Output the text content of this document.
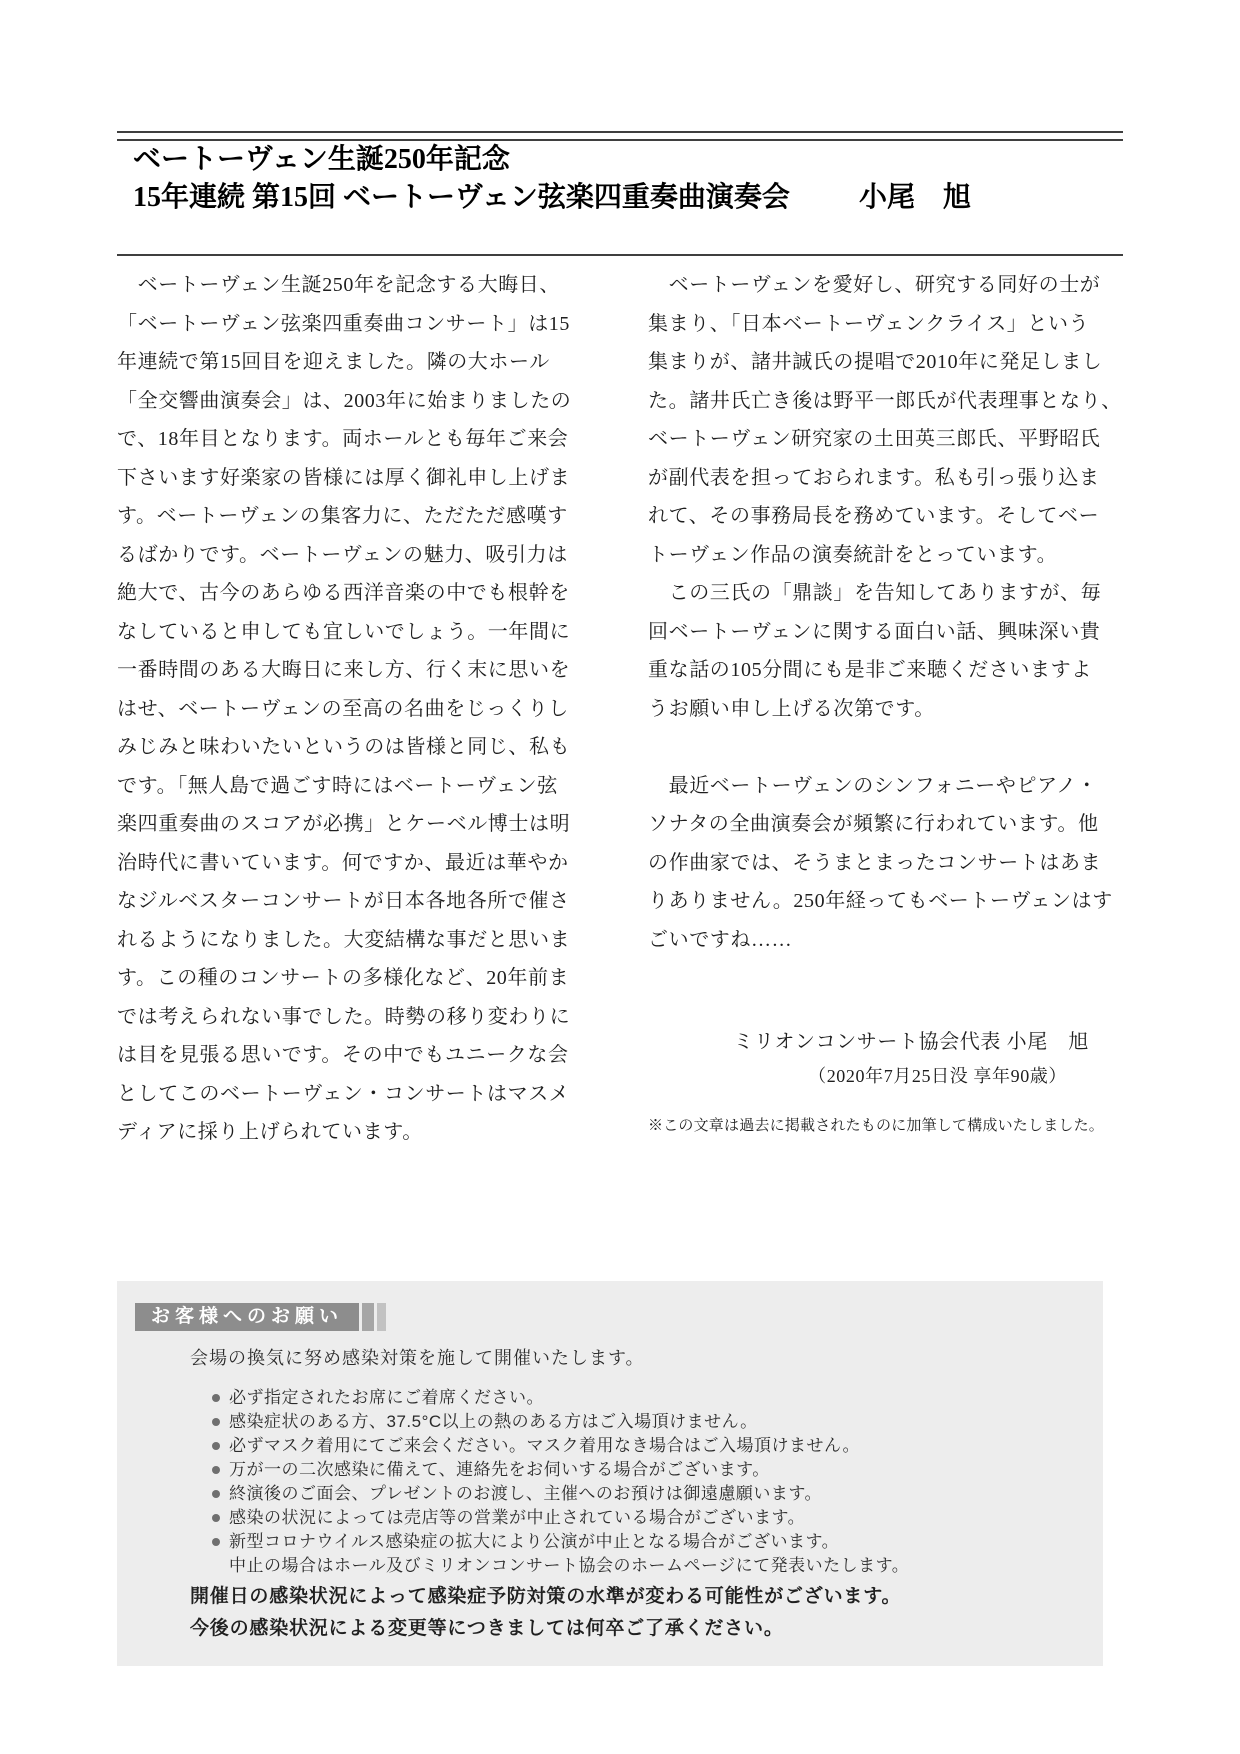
ベートーヴェン生誕250年記念
15年連続 第15回 ベートーヴェン弦楽四重奏曲演奏会 小尾　旭
　ベートーヴェン生誕250年を記念する大晦日、
「ベートーヴェン弦楽四重奏曲コンサート」は15
年連続で第15回目を迎えました。隣の大ホール
「全交響曲演奏会」は、2003年に始まりましたの
で、18年目となります。両ホールとも毎年ご来会
下さいます好楽家の皆様には厚く御礼申し上げま
す。ベートーヴェンの集客力に、ただただ感嘆す
るばかりです。ベートーヴェンの魅力、吸引力は
絶大で、古今のあらゆる西洋音楽の中でも根幹を
なしていると申しても宜しいでしょう。一年間に
一番時間のある大晦日に来し方、行く末に思いを
はせ、ベートーヴェンの至高の名曲をじっくりし
みじみと味わいたいというのは皆様と同じ、私も
です。「無人島で過ごす時にはベートーヴェン弦
楽四重奏曲のスコアが必携」とケーベル博士は明
治時代に書いています。何ですか、最近は華やか
なジルベスターコンサートが日本各地各所で催さ
れるようになりました。大変結構な事だと思いま
す。この種のコンサートの多様化など、20年前ま
では考えられない事でした。時勢の移り変わりに
は目を見張る思いです。その中でもユニークな会
としてこのベートーヴェン・コンサートはマスメ
ディアに採り上げられています。
　ベートーヴェンを愛好し、研究する同好の士が
集まり、「日本ベートーヴェンクライス」という
集まりが、諸井誠氏の提唱で2010年に発足しまし
た。諸井氏亡き後は野平一郎氏が代表理事となり、
ベートーヴェン研究家の土田英三郎氏、平野昭氏
が副代表を担っておられます。私も引っ張り込ま
れて、その事務局長を務めています。そしてベー
トーヴェン作品の演奏統計をとっています。
　この三氏の「鼎談」を告知してありますが、毎
回ベートーヴェンに関する面白い話、興味深い貴
重な話の105分間にも是非ご来聴くださいますよ
うお願い申し上げる次第です。
　最近ベートーヴェンのシンフォニーやピアノ・
ソナタの全曲演奏会が頻繁に行われています。他
の作曲家では、そうまとまったコンサートはあま
りありません。250年経ってもベートーヴェンはす
ごいですね……
ミリオンコンサート協会代表 小尾　旭
（2020年7月25日没 享年90歳）
※この文章は過去に掲載されたものに加筆して構成いたしました。
お客様へのお願い
会場の換気に努め感染対策を施して開催いたします。
必ず指定されたお席にご着席ください。
感染症状のある方、37.5°C以上の熱のある方はご入場頂けません。
必ずマスク着用にてご来会ください。マスク着用なき場合はご入場頂けません。
万が一の二次感染に備えて、連絡先をお伺いする場合がございます。
終演後のご面会、プレゼントのお渡し、主催へのお預けは御遠慮願います。
感染の状況によっては売店等の営業が中止されている場合がございます。
新型コロナウイルス感染症の拡大により公演が中止となる場合がございます。
中止の場合はホール及びミリオンコンサート協会のホームページにて発表いたします。
開催日の感染状況によって感染症予防対策の水準が変わる可能性がございます。
今後の感染状況による変更等につきましては何卒ご了承ください。
